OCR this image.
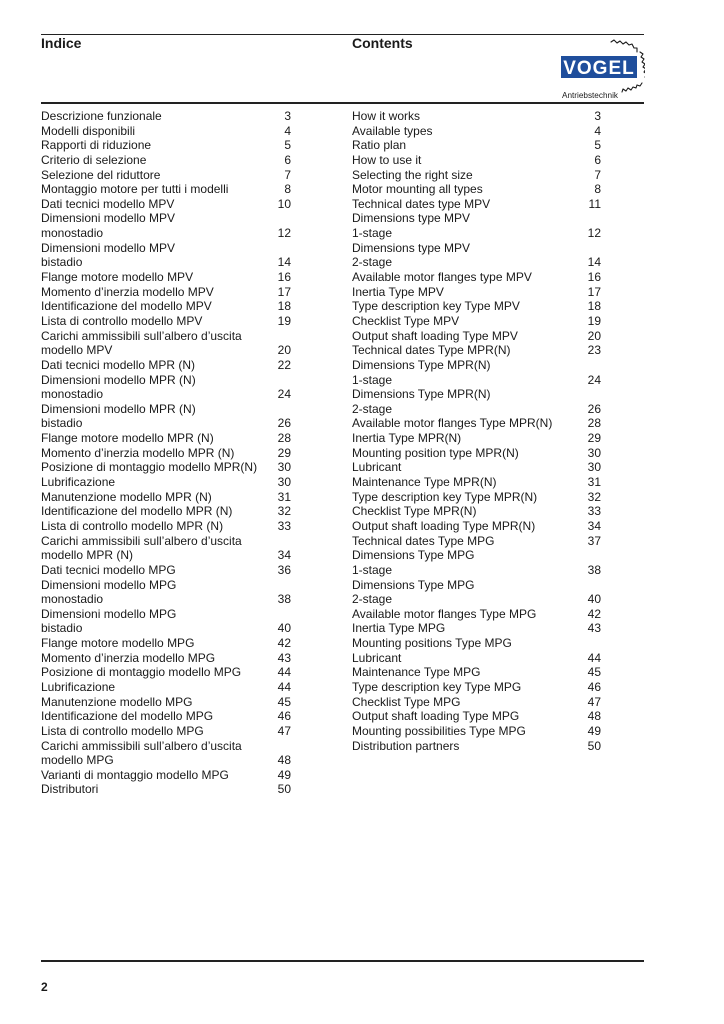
Indice	Contents
VOGEL
Antriebstechnik
Descrizione funzionale	3
Modelli disponibili	4
Rapporti di riduzione	5
Criterio di selezione	6
Selezione del riduttore	7
Montaggio motore per tutti i modelli	8
Dati tecnici modello MPV	10
Dimensioni modello MPV
monostadio	12
Dimensioni modello MPV
bistadio	14
Flange motore modello MPV	16
Momento d’inerzia modello MPV	17
Identificazione del modello MPV	18
Lista di controllo modello MPV	19
Carichi ammissibili sull’albero d’uscita
modello MPV	20
Dati tecnici modello MPR (N)	22
Dimensioni modello MPR (N)
monostadio	24
Dimensioni modello MPR (N)
bistadio	26
Flange motore modello MPR (N)	28
Momento d’inerzia modello MPR (N)	29
Posizione di montaggio modello MPR(N) 30
Lubrificazione	30
Manutenzione modello MPR (N)	31
Identificazione del modello MPR (N)	32
Lista di controllo modello MPR (N)	33
Carichi ammissibili sull’albero d’uscita
modello MPR (N)	34
Dati tecnici modello MPG	36
Dimensioni modello MPG
monostadio	38
Dimensioni modello MPG
bistadio	40
Flange motore modello MPG	42
Momento d’inerzia modello MPG	43
Posizione di montaggio modello MPG	44
Lubrificazione	44
Manutenzione modello MPG	45
Identificazione del modello MPG	46
Lista di controllo modello MPG	47
Carichi ammissibili sull’albero d’uscita
modello MPG	48
Varianti di montaggio modello MPG	49
Distributori	50
How it works	3
Available types	4
Ratio plan	5
How to use it	6
Selecting the right size	7
Motor mounting all types	8
Technical dates type MPV	11
Dimensions type MPV
1-stage	12
Dimensions type MPV
2-stage	14
Available motor flanges type MPV	16
Inertia Type MPV	17
Type description key Type MPV	18
Checklist Type MPV	19
Output shaft loading Type MPV	20
Technical dates Type MPR(N)	23
Dimensions Type MPR(N)
1-stage	24
Dimensions Type MPR(N)
2-stage	26
Available motor flanges Type MPR(N)	28
Inertia Type MPR(N)	29
Mounting position type MPR(N)	30
Lubricant	30
Maintenance Type MPR(N)	31
Type description key Type MPR(N)	32
Checklist Type MPR(N)	33
Output shaft loading Type MPR(N)	34
Technical dates Type MPG	37
Dimensions Type MPG
1-stage	38
Dimensions Type MPG
2-stage	40
Available motor flanges Type MPG	42
Inertia Type MPG	43
Mounting positions Type MPG
Lubricant	44
Maintenance Type MPG	45
Type description key Type MPG	46
Checklist Type MPG	47
Output shaft loading Type MPG	48
Mounting possibilities Type MPG	49
Distribution partners	50
2
